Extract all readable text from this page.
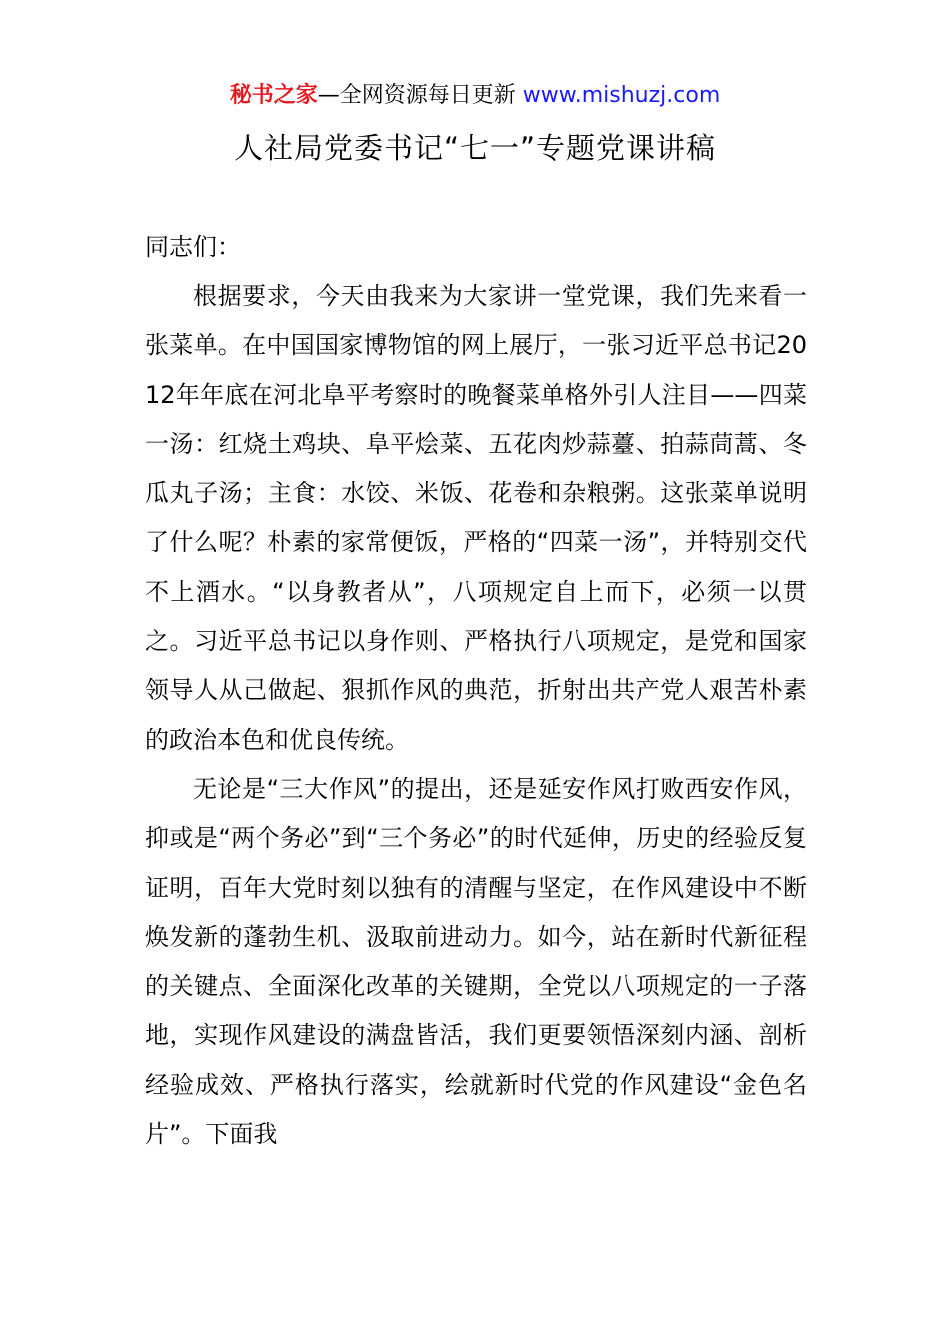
秘书之家—全网资源每日更新 www.mishuzj.com
人社局党委书记“七一”专题党课讲稿

同志们：

根据要求，今天由我来为大家讲一堂党课，我们先来看一张菜单。在中国国家博物馆的网上展厅，一张习近平总书记2012年年底在河北阜平考察时的晚餐菜单格外引人注目——四菜一汤：红烧土鸡块、阜平烩菜、五花肉炒蒜薹、拍蒜茼蒿、冬瓜丸子汤；主食：水饺、米饭、花卷和杂粮粥。这张菜单说明了什么呢？朴素的家常便饭，严格的“四菜一汤”，并特别交代不上酒水。“以身教者从”，八项规定自上而下，必须一以贯之。习近平总书记以身作则、严格执行八项规定，是党和国家领导人从己做起、狠抓作风的典范，折射出共产党人艰苦朴素的政治本色和优良传统。

无论是“三大作风”的提出，还是延安作风打败西安作风，抑或是“两个务必”到“三个务必”的时代延伸，历史的经验反复证明，百年大党时刻以独有的清醒与坚定，在作风建设中不断焕发新的蓬勃生机、汲取前进动力。如今，站在新时代新征程的关键点、全面深化改革的关键期，全党以八项规定的一子落地，实现作风建设的满盘皆活，我们更要领悟深刻内涵、剖析经验成效、严格执行落实，绘就新时代党的作风建设“金色名片”。下面我
